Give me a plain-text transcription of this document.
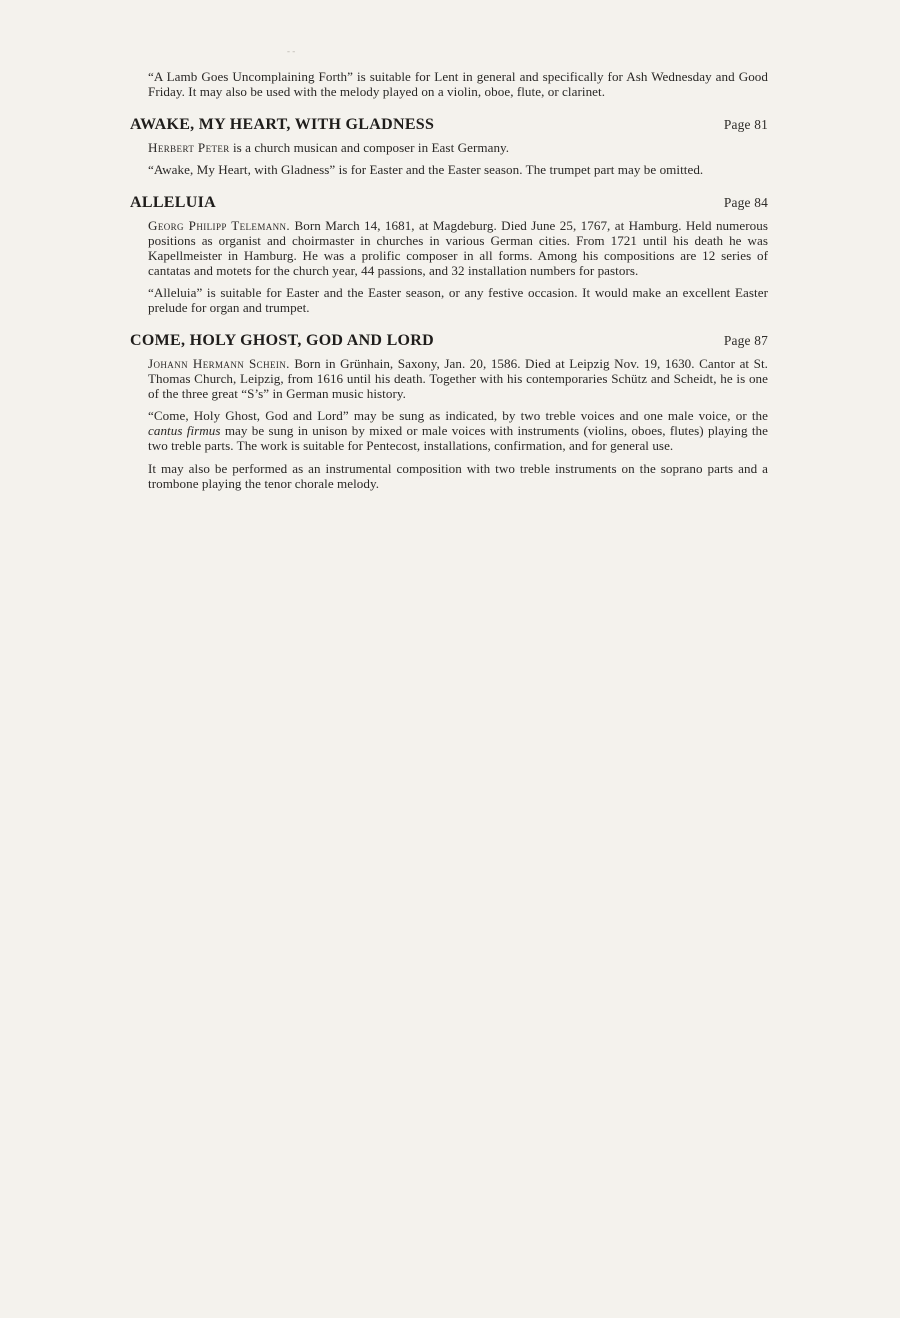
- -

“A Lamb Goes Uncomplaining Forth” is suitable for Lent in general and specifically for Ash Wednesday and Good Friday. It may also be used with the melody played on a violin, oboe, flute, or clarinet.

AWAKE, MY HEART, WITH GLADNESS	Page 81

Herbert Peter is a church musican and composer in East Germany.

“Awake, My Heart, with Gladness” is for Easter and the Easter season. The trumpet part may be omitted.

ALLELUIA	Page 84

Georg Philipp Telemann. Born March 14, 1681, at Magdeburg. Died June 25, 1767, at Hamburg. Held numerous positions as organist and choirmaster in churches in various German cities. From 1721 until his death he was Kapellmeister in Hamburg. He was a prolific composer in all forms. Among his compositions are 12 series of cantatas and motets for the church year, 44 passions, and 32 installation numbers for pastors.

“Alleluia” is suitable for Easter and the Easter season, or any festive occasion. It would make an excellent Easter prelude for organ and trumpet.

COME, HOLY GHOST, GOD AND LORD	Page 87

Johann Hermann Schein. Born in Grünhain, Saxony, Jan. 20, 1586. Died at Leipzig Nov. 19, 1630. Cantor at St. Thomas Church, Leipzig, from 1616 until his death. Together with his contemporaries Schütz and Scheidt, he is one of the three great “S’s” in German music history.

“Come, Holy Ghost, God and Lord” may be sung as indicated, by two treble voices and one male voice, or the cantus firmus may be sung in unison by mixed or male voices with instruments (violins, oboes, flutes) playing the two treble parts. The work is suitable for Pentecost, installations, confirmation, and for general use.

It may also be performed as an instrumental composition with two treble instruments on the soprano parts and a trombone playing the tenor chorale melody.
